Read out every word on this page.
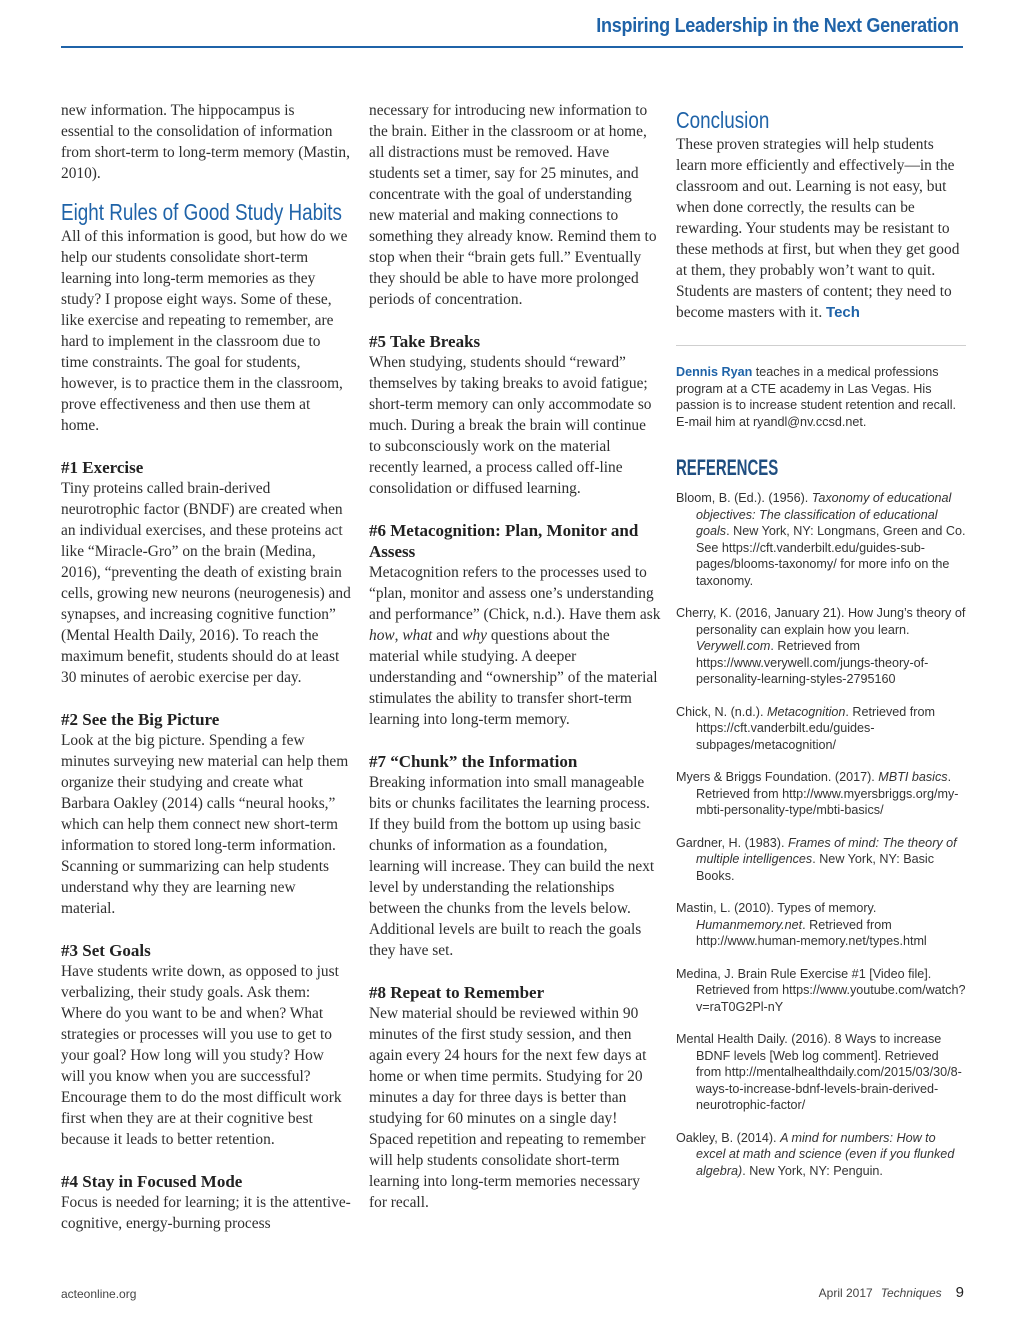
Inspiring Leadership in the Next Generation

new information. The hippocampus is essential to the consolidation of information from short-term to long-term memory (Mastin, 2010).

Eight Rules of Good Study Habits

All of this information is good, but how do we help our students consolidate short-term learning into long-term memories as they study? I propose eight ways. Some of these, like exercise and repeating to remember, are hard to implement in the classroom due to time constraints. The goal for students, however, is to practice them in the classroom, prove effectiveness and then use them at home.

#1 Exercise

Tiny proteins called brain-derived neurotrophic factor (BNDF) are created when an individual exercises, and these proteins act like “Miracle-Gro” on the brain (Medina, 2016), “preventing the death of existing brain cells, growing new neurons (neurogenesis) and synapses, and increasing cognitive function” (Mental Health Daily, 2016). To reach the maximum benefit, students should do at least 30 minutes of aerobic exercise per day.

#2 See the Big Picture

Look at the big picture. Spending a few minutes surveying new material can help them organize their studying and create what Barbara Oakley (2014) calls “neural hooks,” which can help them connect new short-term information to stored long-term information. Scanning or summarizing can help students understand why they are learning new material.

#3 Set Goals

Have students write down, as opposed to just verbalizing, their study goals. Ask them: Where do you want to be and when? What strategies or processes will you use to get to your goal? How long will you study? How will you know when you are successful? Encourage them to do the most difficult work first when they are at their cognitive best because it leads to better retention.

#4 Stay in Focused Mode

Focus is needed for learning; it is the attentive-cognitive, energy-burning process

necessary for introducing new information to the brain. Either in the classroom or at home, all distractions must be removed. Have students set a timer, say for 25 minutes, and concentrate with the goal of understanding new material and making connections to something they already know. Remind them to stop when their “brain gets full.” Eventually they should be able to have more prolonged periods of concentration.

#5 Take Breaks

When studying, students should “reward” themselves by taking breaks to avoid fatigue; short-term memory can only accommodate so much. During a break the brain will continue to subconsciously work on the material recently learned, a process called off-line consolidation or diffused learning.

#6 Metacognition: Plan, Monitor and Assess

Metacognition refers to the processes used to “plan, monitor and assess one’s understanding and performance” (Chick, n.d.). Have them ask how, what and why questions about the material while studying. A deeper understanding and “ownership” of the material stimulates the ability to transfer short-term learning into long-term memory.

#7 “Chunk” the Information

Breaking information into small manageable bits or chunks facilitates the learning process. If they build from the bottom up using basic chunks of information as a foundation, learning will increase. They can build the next level by understanding the relationships between the chunks from the levels below. Additional levels are built to reach the goals they have set.

#8 Repeat to Remember

New material should be reviewed within 90 minutes of the first study session, and then again every 24 hours for the next few days at home or when time permits. Studying for 20 minutes a day for three days is better than studying for 60 minutes on a single day! Spaced repetition and repeating to remember will help students consolidate short-term learning into long-term memories necessary for recall.

Conclusion

These proven strategies will help students learn more efficiently and effectively—in the classroom and out. Learning is not easy, but when done correctly, the results can be rewarding. Your students may be resistant to these methods at first, but when they get good at them, they probably won’t want to quit. Students are masters of content; they need to become masters with it. Tech

Dennis Ryan teaches in a medical professions program at a CTE academy in Las Vegas. His passion is to increase student retention and recall. E-mail him at ryandl@nv.ccsd.net.

REFERENCES

Bloom, B. (Ed.). (1956). Taxonomy of educational objectives: The classification of educational goals. New York, NY: Longmans, Green and Co. See https://cft.vanderbilt.edu/guides-sub-pages/blooms-taxonomy/ for more info on the taxonomy.

Cherry, K. (2016, January 21). How Jung’s theory of personality can explain how you learn. Verywell.com. Retrieved from https://www.verywell.com/jungs-theory-of-personality-learning-styles-2795160

Chick, N. (n.d.). Metacognition. Retrieved from https://cft.vanderbilt.edu/guides-subpages/metacognition/

Myers & Briggs Foundation. (2017). MBTI basics. Retrieved from http://www.myersbriggs.org/my-mbti-personality-type/mbti-basics/

Gardner, H. (1983). Frames of mind: The theory of multiple intelligences. New York, NY: Basic Books.

Mastin, L. (2010). Types of memory. Humanmemory.net. Retrieved from http://www.human-memory.net/types.html

Medina, J. Brain Rule Exercise #1 [Video file]. Retrieved from https://www.youtube.com/watch?v=raT0G2Pl-nY

Mental Health Daily. (2016). 8 Ways to increase BDNF levels [Web log comment]. Retrieved from http://mentalhealthdaily.com/2015/03/30/8-ways-to-increase-bdnf-levels-brain-derived-neurotrophic-factor/

Oakley, B. (2014). A mind for numbers: How to excel at math and science (even if you flunked algebra). New York, NY: Penguin.

acteonline.org	April 2017 Techniques 9
